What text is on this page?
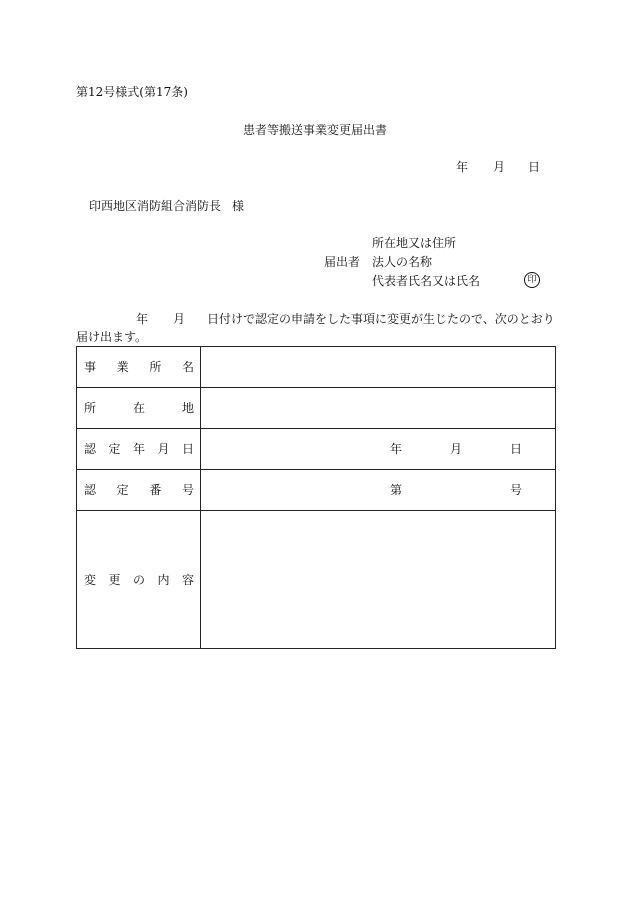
第12号様式(第17条)
患者等搬送事業変更届出書
年 月 日
印西地区消防組合消防長 様
所在地又は住所
届出者 法人の名称
代表者氏名又は氏名	印
年 月 日付けで認定の申請をした事項に変更が生じたので、次のとおり
届け出ます。
事 業 所 名
所	在	地
認 定 年 月 日	年	月	日
認 定 番 号	第	号
変 更 の 内 容
